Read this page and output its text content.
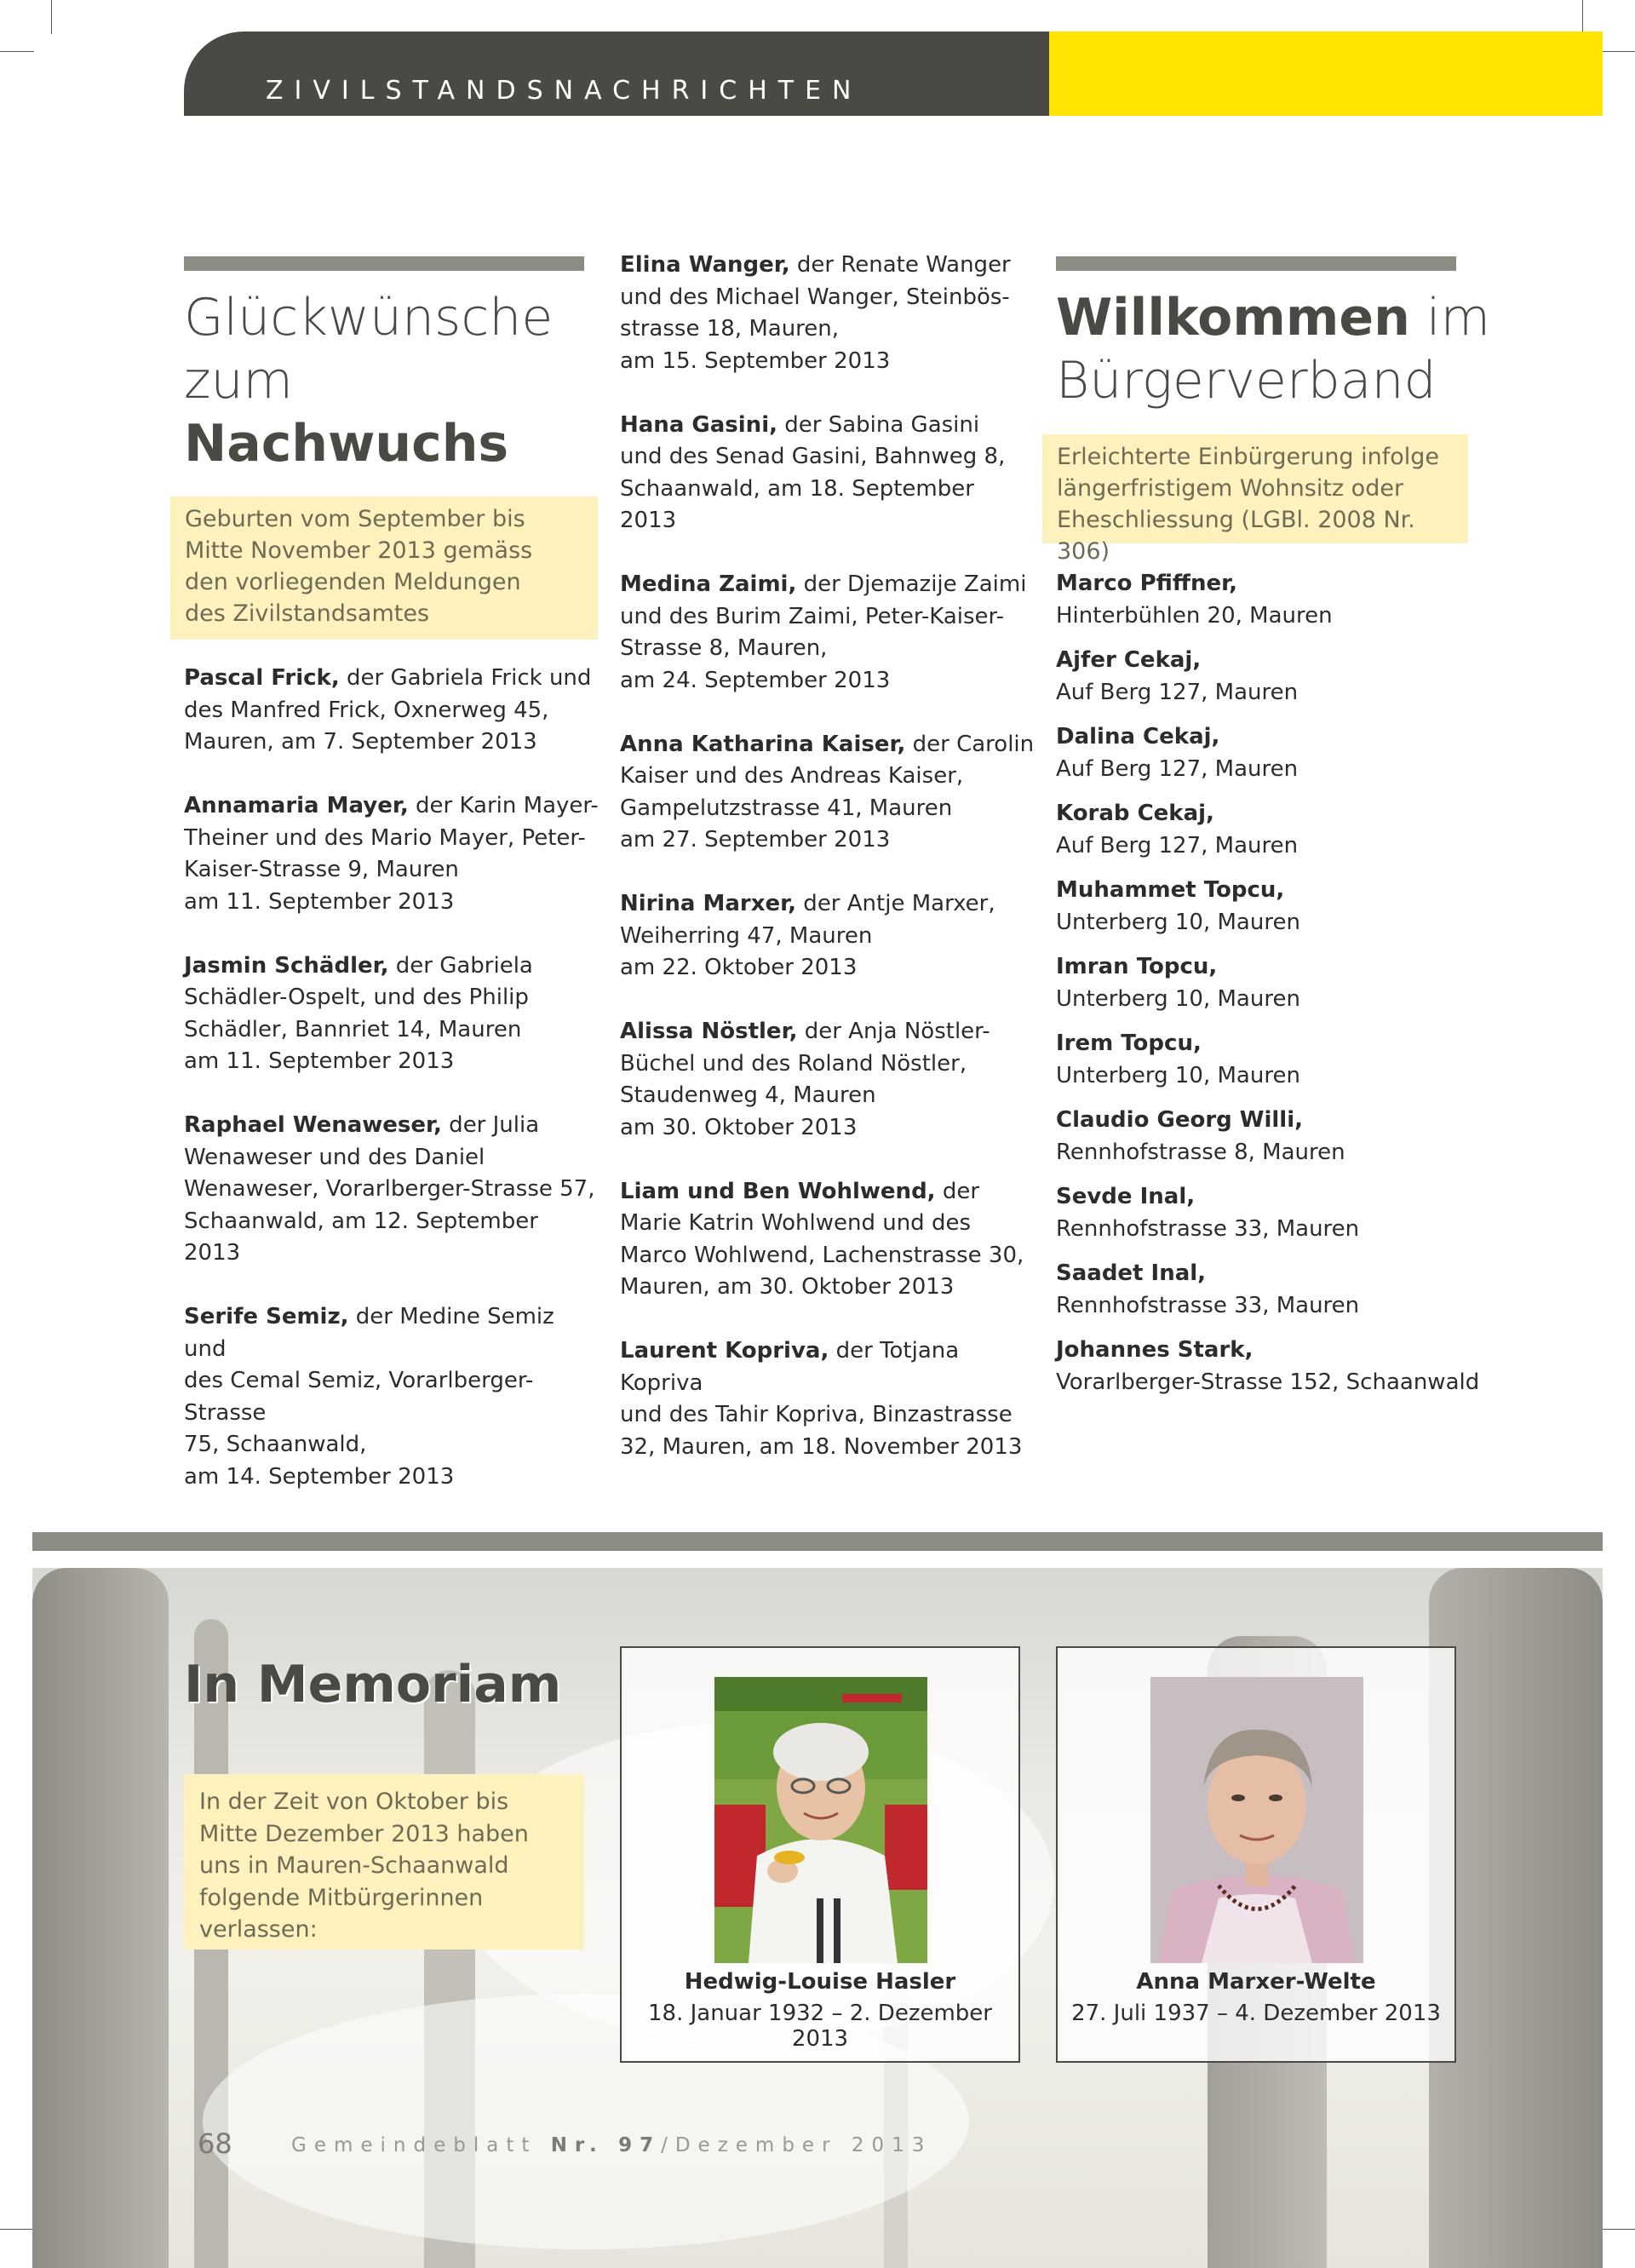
ZIVILSTANDSNACHRICHTEN
Glückwünsche
zum
Nachwuchs
Geburten vom September bis
Mitte November 2013 gemäss
den vorliegenden Meldungen
des Zivilstandsamtes

Pascal Frick, der Gabriela Frick und
des Manfred Frick, Oxnerweg 45,
Mauren, am 7. September 2013

Annamaria Mayer, der Karin Mayer-
Theiner und des Mario Mayer, Peter-
Kaiser-Strasse 9, Mauren
am 11. September 2013

Jasmin Schädler, der Gabriela
Schädler-Ospelt, und des Philip
Schädler, Bannriet 14, Mauren
am 11. September 2013

Raphael Wenaweser, der Julia
Wenaweser und des Daniel
Wenaweser, Vorarlberger-Strasse 57,
Schaanwald, am 12. September 2013

Serife Semiz, der Medine Semiz und
des Cemal Semiz, Vorarlberger-Strasse
75, Schaanwald,
am 14. September 2013

Elina Wanger, der Renate Wanger
und des Michael Wanger, Steinbös-
strasse 18, Mauren,
am 15. September 2013

Hana Gasini, der Sabina Gasini
und des Senad Gasini, Bahnweg 8,
Schaanwald, am 18. September 2013

Medina Zaimi, der Djemazije Zaimi
und des Burim Zaimi, Peter-Kaiser-
Strasse 8, Mauren,
am 24. September 2013

Anna Katharina Kaiser, der Carolin
Kaiser und des Andreas Kaiser,
Gampelutzstrasse 41, Mauren
am 27. September 2013

Nirina Marxer, der Antje Marxer,
Weiherring 47, Mauren
am 22. Oktober 2013

Alissa Nöstler, der Anja Nöstler-
Büchel und des Roland Nöstler,
Staudenweg 4, Mauren
am 30. Oktober 2013

Liam und Ben Wohlwend, der
Marie Katrin Wohlwend und des
Marco Wohlwend, Lachenstrasse 30,
Mauren, am 30. Oktober 2013

Laurent Kopriva, der Totjana Kopriva
und des Tahir Kopriva, Binzastrasse
32, Mauren, am 18. November 2013

Willkommen im
Bürgerverband
Erleichterte Einbürgerung infolge
längerfristigem Wohnsitz oder
Eheschliessung (LGBl. 2008 Nr. 306)

Marco Pfiffner,
Hinterbühlen 20, Mauren

Ajfer Cekaj,
Auf Berg 127, Mauren

Dalina Cekaj,
Auf Berg 127, Mauren

Korab Cekaj,
Auf Berg 127, Mauren

Muhammet Topcu,
Unterberg 10, Mauren

Imran Topcu,
Unterberg 10, Mauren

Irem Topcu,
Unterberg 10, Mauren

Claudio Georg Willi,
Rennhofstrasse 8, Mauren

Sevde Inal,
Rennhofstrasse 33, Mauren

Saadet Inal,
Rennhofstrasse 33, Mauren

Johannes Stark,
Vorarlberger-Strasse 152, Schaanwald

In Memoriam
In der Zeit von Oktober bis
Mitte Dezember 2013 haben
uns in Mauren-Schaanwald
folgende Mitbürgerinnen
verlassen:
Hedwig-Louise Hasler
18. Januar 1932 – 2. Dezember 2013
Anna Marxer-Welte
27. Juli 1937 – 4. Dezember 2013
68	Gemeindeblatt Nr. 97/Dezember 2013
